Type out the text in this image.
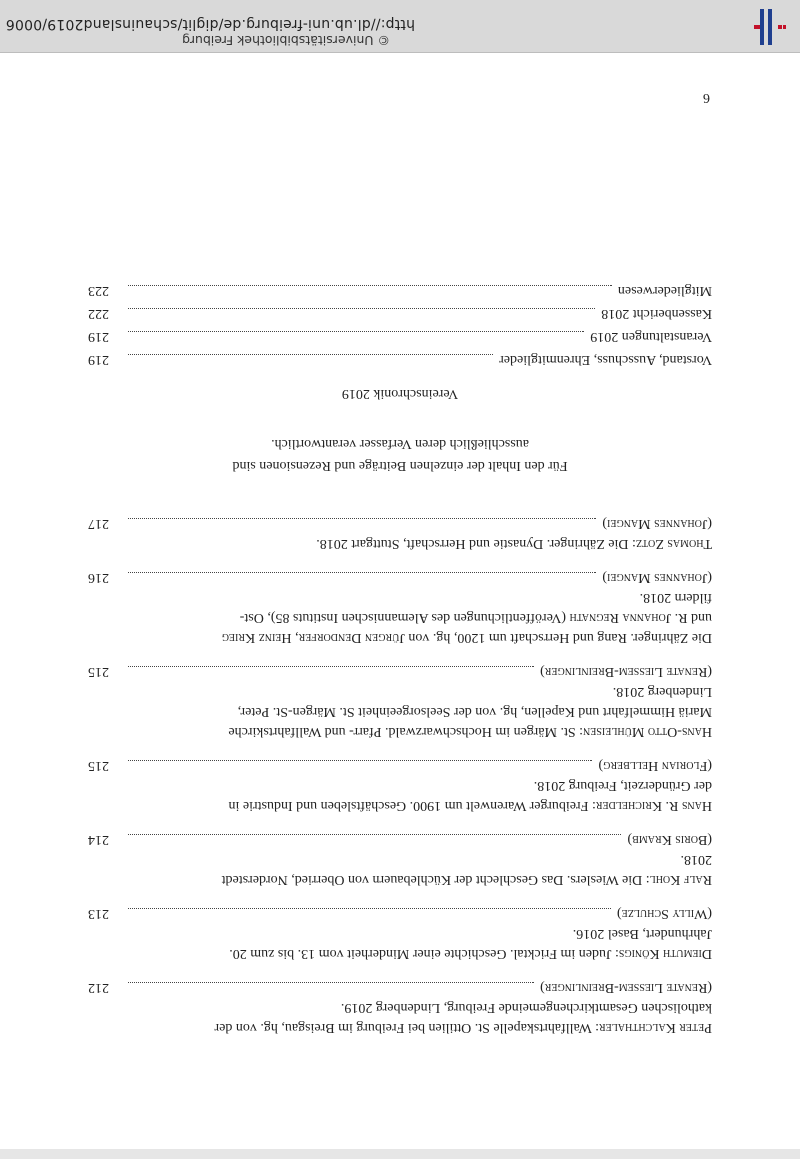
http://dl.ub.uni-freiburg.de/diglit/schauinsland2019/0006
© Universitätsbibliothek Freiburg
6
Peter Kalchthaler: Wallfahrtskapelle St. Ottilien bei Freiburg im Breisgau, hg. von der
katholischen Gesamtkirchengemeinde Freiburg, Lindenberg 2019.
(Renate Liessem-Breinlinger)
212
Diemuth Königs: Juden im Fricktal. Geschichte einer Minderheit vom 13. bis zum 20.
Jahrhundert, Basel 2016.
(Willy Schulze)
213
Ralf Kohl: Die Wieslers. Das Geschlecht der Küchlebauern von Oberried, Norderstedt
2018.
(Boris Kramb)
214
Hans R. Krichelder: Freiburger Warenwelt um 1900. Geschäftsleben und Industrie in
der Gründerzeit, Freiburg 2018.
(Florian Hellberg)
215
Hans-Otto Mühleisen: St. Märgen im Hochschwarzwald. Pfarr- und Wallfahrtskirche
Mariä Himmelfahrt und Kapellen, hg. von der Seelsorgeeinheit St. Märgen-St. Peter,
Lindenberg 2018.
(Renate Liessem-Breinlinger)
215
Die Zähringer. Rang und Herrschaft um 1200, hg. von Jürgen Dendorfer, Heinz Krieg
und R. Johanna Regnath (Veröffentlichungen des Alemannischen Instituts 85), Ost-
fildern 2018.
(Johannes Mangei)
216
Thomas Zotz: Die Zähringer. Dynastie und Herrschaft, Stuttgart 2018.
(Johannes Mangei)
217
Für den Inhalt der einzelnen Beiträge und Rezensionen sind
ausschließlich deren Verfasser verantwortlich.
Vereinschronik 2019
Vorstand, Ausschuss, Ehrenmitglieder
219
Veranstaltungen 2019
219
Kassenbericht 2018
222
Mitgliederwesen
223
